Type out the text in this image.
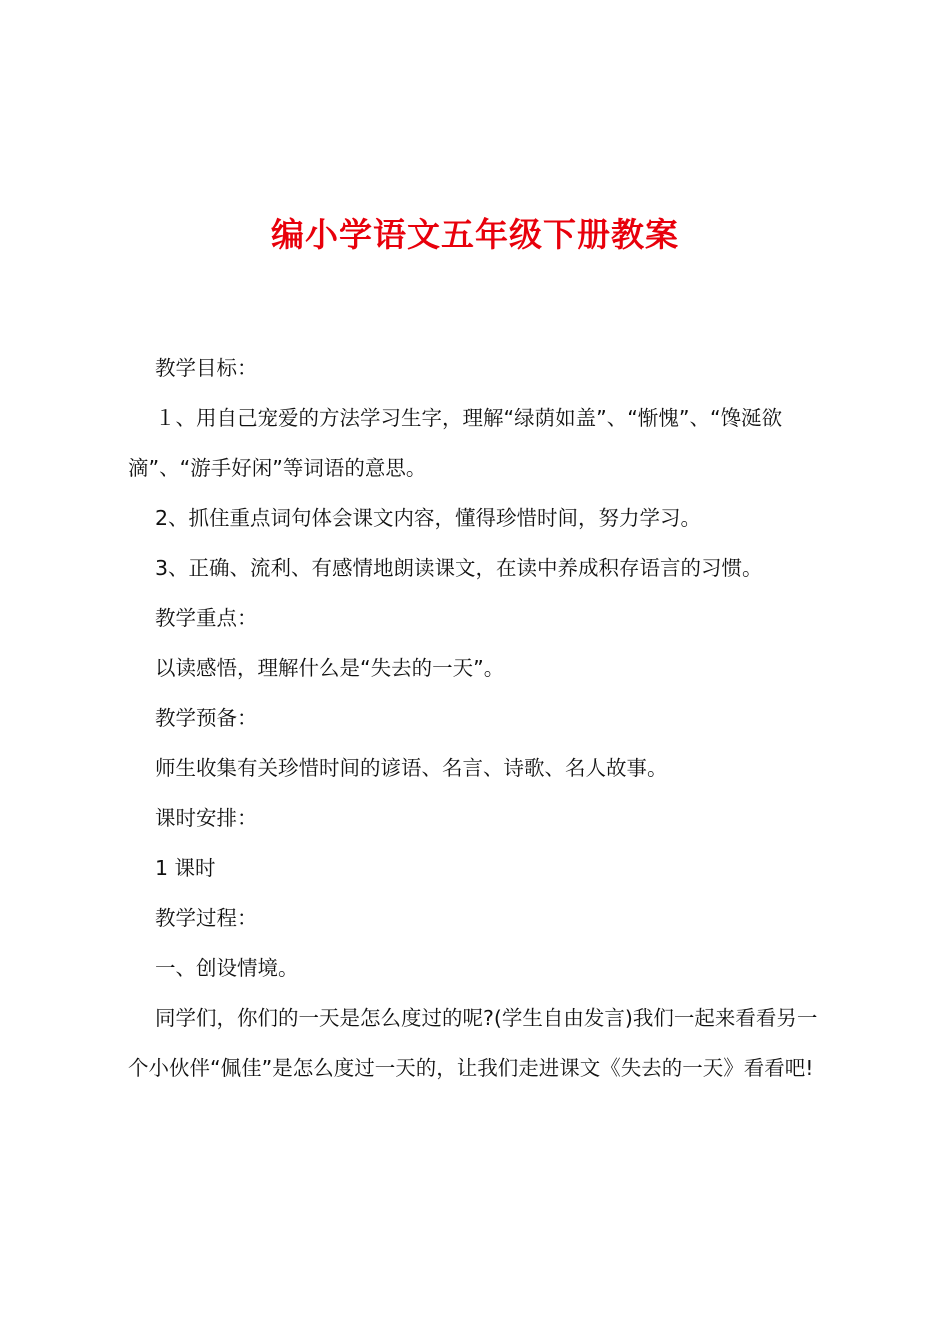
编小学语文五年级下册教案

教学目标：

１、用自己宠爱的方法学习生字，理解“绿荫如盖”、“惭愧”、“馋涎欲滴”、“游手好闲”等词语的意思。

2、抓住重点词句体会课文内容，懂得珍惜时间，努力学习。

3、正确、流利、有感情地朗读课文，在读中养成积存语言的习惯。

教学重点：

以读感悟，理解什么是“失去的一天”。

教学预备：

师生收集有关珍惜时间的谚语、名言、诗歌、名人故事。

课时安排：

1 课时

教学过程：

一、创设情境。

同学们，你们的一天是怎么度过的呢?(学生自由发言)我们一起来看看另一个小伙伴“佩佳”是怎么度过一天的，让我们走进课文《失去的一天》看看吧!
